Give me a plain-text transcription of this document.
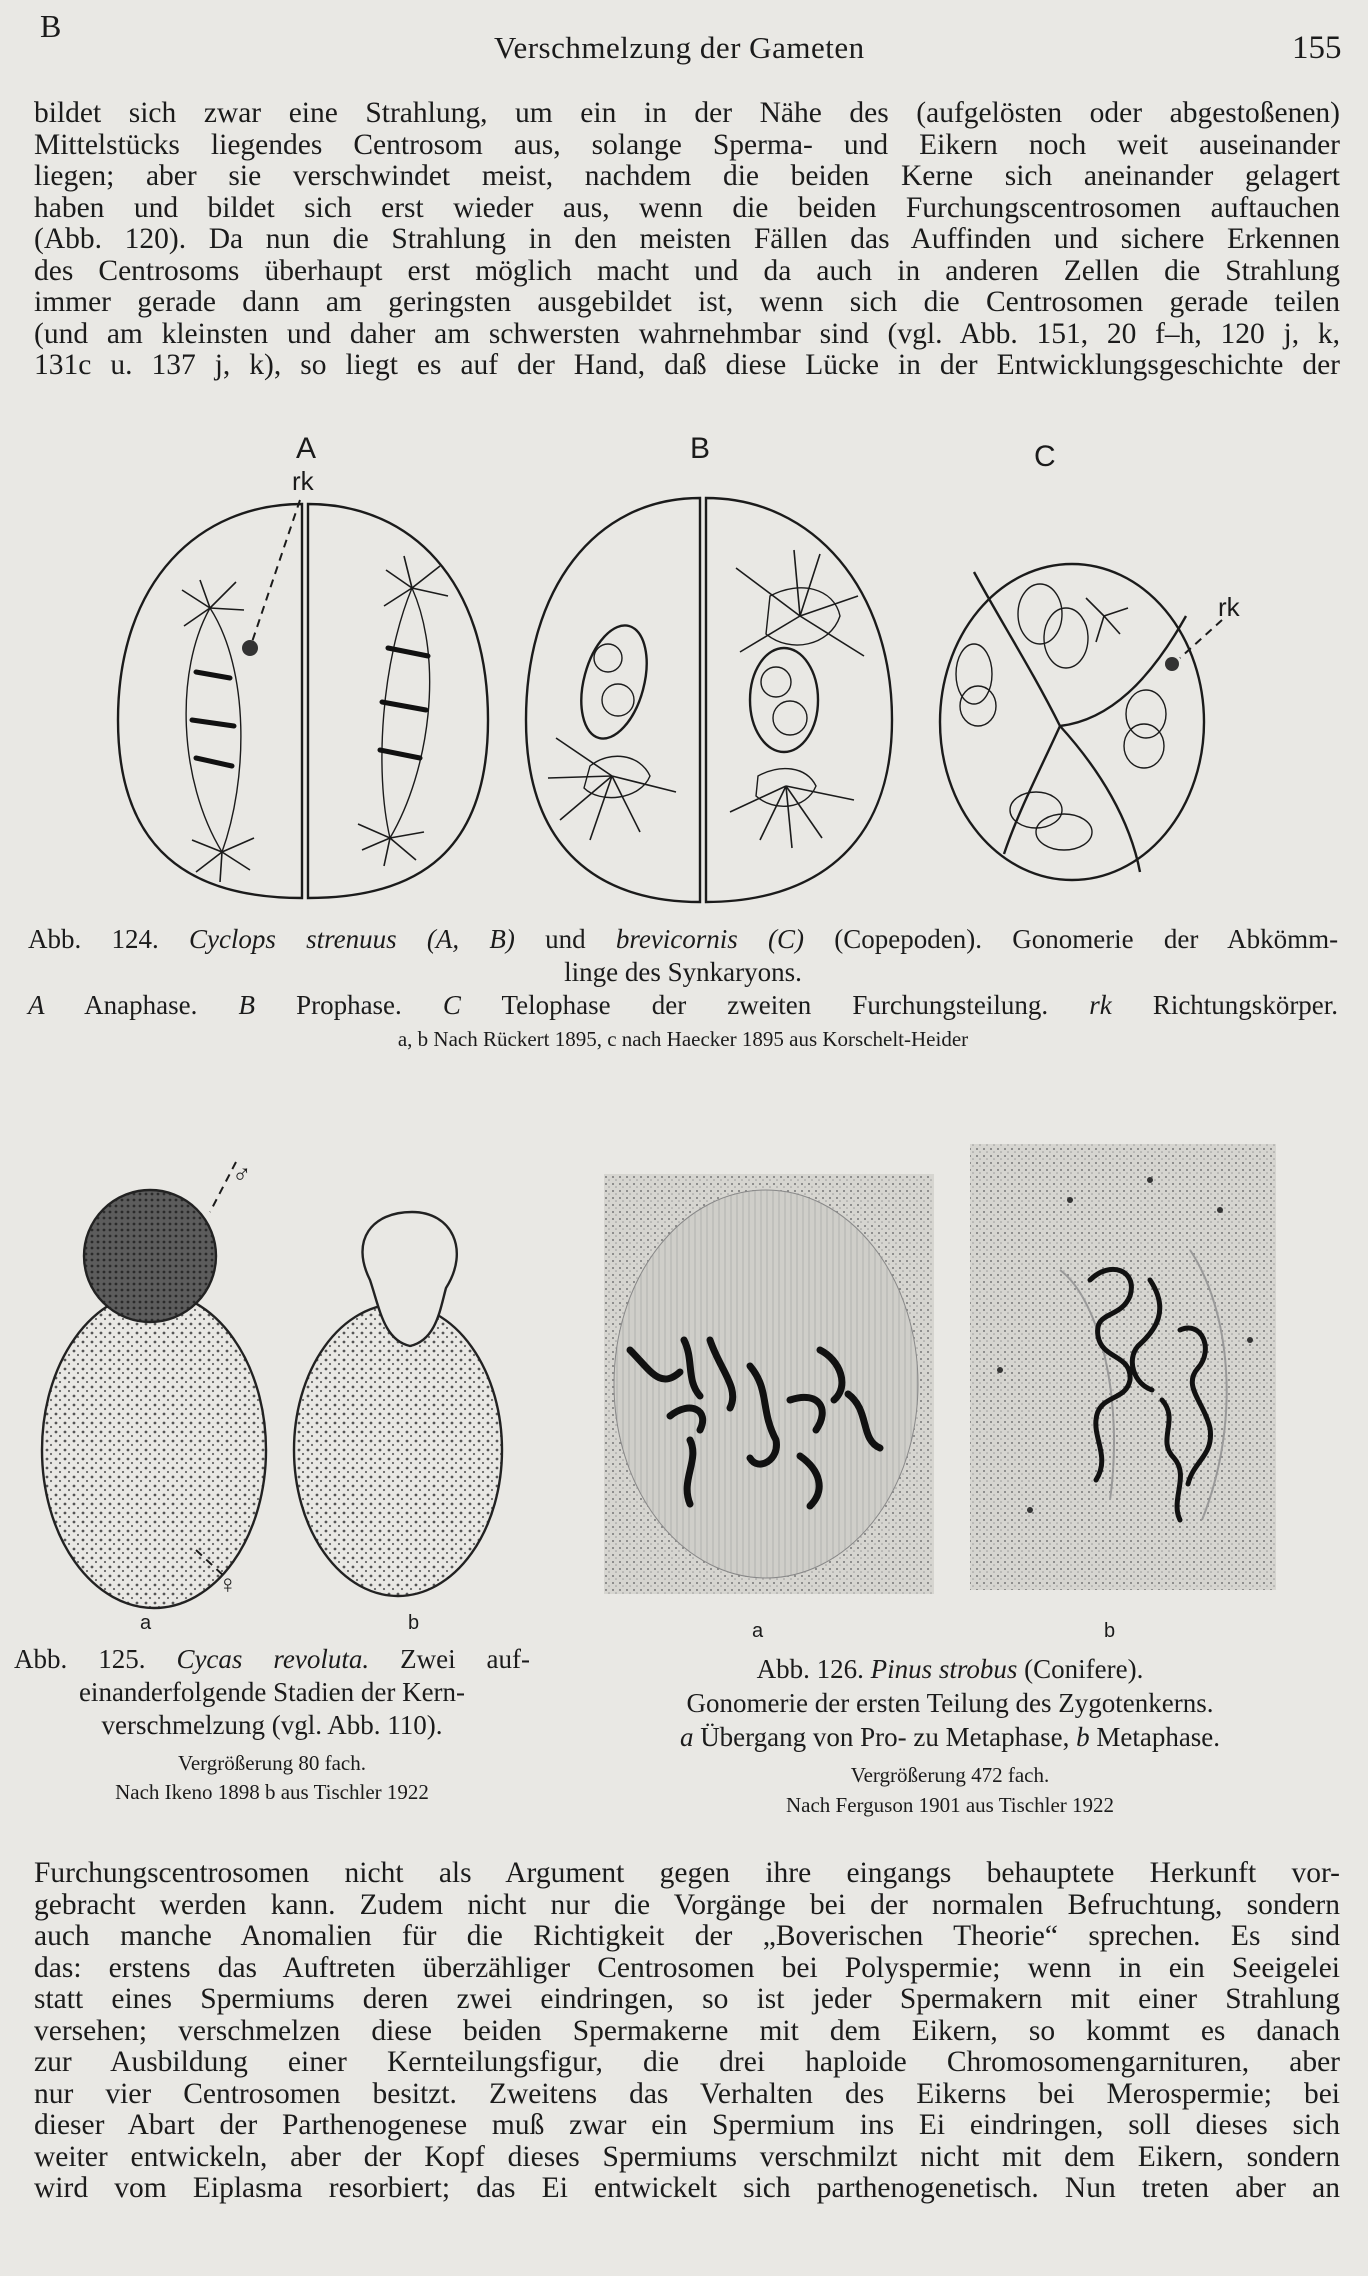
B
Verschmelzung der Gameten	155

bildet sich zwar eine Strahlung, um ein in der Nähe des (aufgelösten oder abgestoßenen)

Mittelstücks liegendes Centrosom aus, solange Sperma- und Eikern noch weit auseinander

liegen; aber sie verschwindet meist, nachdem die beiden Kerne sich aneinander gelagert

haben und bildet sich erst wieder aus, wenn die beiden Furchungscentrosomen auftauchen

(Abb. 120). Da nun die Strahlung in den meisten Fällen das Auffinden und sichere Erkennen

des Centrosoms überhaupt erst möglich macht und da auch in anderen Zellen die Strahlung

immer gerade dann am geringsten ausgebildet ist, wenn sich die Centrosomen gerade teilen

(und am kleinsten und daher am schwersten wahrnehmbar sind (vgl. Abb. 151, 20 f–h, 120 j, k,

131c u. 137 j, k), so liegt es auf der Hand, daß diese Lücke in der Entwicklungsgeschichte der

A
rk
B	C
rk
Abb. 124. Cyclops strenuus (A, B) und brevicornis (C) (Copepoden). Gonomerie der Abkömm-
linge des Synkaryons.
A Anaphase. B Prophase. C Telophase der zweiten Furchungsteilung. rk Richtungskörper.
a, b Nach Rückert 1895, c nach Haecker 1895 aus Korschelt-Heider
♂
♀
a	b	a	b
Abb. 125. Cycas revoluta. Zwei auf-
einanderfolgende Stadien der Kern-
verschmelzung (vgl. Abb. 110).
Vergrößerung 80 fach.
Nach Ikeno 1898 b aus Tischler 1922
Abb. 126. Pinus strobus (Conifere).
Gonomerie der ersten Teilung des Zygotenkerns.
a Übergang von Pro- zu Metaphase, b Metaphase.
Vergrößerung 472 fach.
Nach Ferguson 1901 aus Tischler 1922

Furchungscentrosomen nicht als Argument gegen ihre eingangs behauptete Herkunft vor-

gebracht werden kann. Zudem nicht nur die Vorgänge bei der normalen Befruchtung, sondern

auch manche Anomalien für die Richtigkeit der „Boverischen Theorie“ sprechen. Es sind

das: erstens das Auftreten überzähliger Centrosomen bei Polyspermie; wenn in ein Seeigelei

statt eines Spermiums deren zwei eindringen, so ist jeder Spermakern mit einer Strahlung

versehen; verschmelzen diese beiden Spermakerne mit dem Eikern, so kommt es danach

zur Ausbildung einer Kernteilungsfigur, die drei haploide Chromosomengarnituren, aber

nur vier Centrosomen besitzt. Zweitens das Verhalten des Eikerns bei Merospermie; bei

dieser Abart der Parthenogenese muß zwar ein Spermium ins Ei eindringen, soll dieses sich

weiter entwickeln, aber der Kopf dieses Spermiums verschmilzt nicht mit dem Eikern, sondern

wird vom Eiplasma resorbiert; das Ei entwickelt sich parthenogenetisch. Nun treten aber an
